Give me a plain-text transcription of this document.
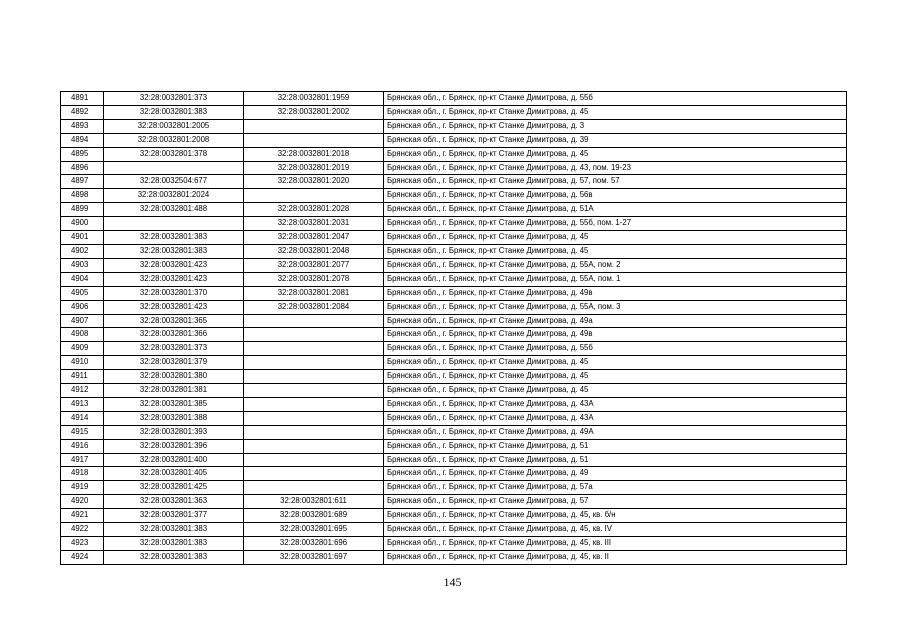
4891	32:28:0032801:373	32:28:0032801:1959	Брянская обл., г. Брянск, пр-кт Станке Димитрова, д. 55б
4892	32:28:0032801:383	32:28:0032801:2002	Брянская обл., г. Брянск, пр-кт Станке Димитрова, д. 45
4893	32:28:0032801:2005		Брянская обл., г. Брянск, пр-кт Станке Димитрова, д. 3
4894	32:28:0032801:2008		Брянская обл., г. Брянск, пр-кт Станке Димитрова, д. 39
4895	32:28:0032801:378	32:28:0032801:2018	Брянская обл., г. Брянск, пр-кт Станке Димитрова, д. 45
4896		32:28:0032801:2019	Брянская обл., г. Брянск, пр-кт Станке Димитрова, д. 43, пом. 19-23
4897	32:28:0032504:677	32:28:0032801:2020	Брянская обл., г. Брянск, пр-кт Станке Димитрова, д. 57, пом. 57
4898	32:28:0032801:2024		Брянская обл., г. Брянск, пр-кт Станке Димитрова, д. 56в
4899	32:28:0032801:488	32:28:0032801:2028	Брянская обл., г. Брянск, пр-кт Станке Димитрова, д. 51А
4900		32:28:0032801:2031	Брянская обл., г. Брянск, пр-кт Станке Димитрова, д. 55б, пом. 1-27
4901	32:28:0032801:383	32:28:0032801:2047	Брянская обл., г. Брянск, пр-кт Станке Димитрова, д. 45
4902	32:28:0032801:383	32:28:0032801:2048	Брянская обл., г. Брянск, пр-кт Станке Димитрова, д. 45
4903	32:28:0032801:423	32:28:0032801:2077	Брянская обл., г. Брянск, пр-кт Станке Димитрова, д. 55А, пом. 2
4904	32:28:0032801:423	32:28:0032801:2078	Брянская обл., г. Брянск, пр-кт Станке Димитрова, д. 55А, пом. 1
4905	32:28:0032801:370	32:28:0032801:2081	Брянская обл., г. Брянск, пр-кт Станке Димитрова, д. 49в
4906	32:28:0032801:423	32:28:0032801:2084	Брянская обл., г. Брянск, пр-кт Станке Димитрова, д. 55А, пом. 3
4907	32:28:0032801:365		Брянская обл., г. Брянск, пр-кт Станке Димитрова, д. 49а
4908	32:28:0032801:366		Брянская обл., г. Брянск, пр-кт Станке Димитрова, д. 49в
4909	32:28:0032801:373		Брянская обл., г. Брянск, пр-кт Станке Димитрова, д. 55б
4910	32:28:0032801:379		Брянская обл., г. Брянск, пр-кт Станке Димитрова, д. 45
4911	32:28:0032801:380		Брянская обл., г. Брянск, пр-кт Станке Димитрова, д. 45
4912	32:28:0032801:381		Брянская обл., г. Брянск, пр-кт Станке Димитрова, д. 45
4913	32:28:0032801:385		Брянская обл., г. Брянск, пр-кт Станке Димитрова, д. 43А
4914	32:28:0032801:388		Брянская обл., г. Брянск, пр-кт Станке Димитрова, д. 43А
4915	32:28:0032801:393		Брянская обл., г. Брянск, пр-кт Станке Димитрова, д. 49А
4916	32:28:0032801:396		Брянская обл., г. Брянск, пр-кт Станке Димитрова, д. 51
4917	32:28:0032801:400		Брянская обл., г. Брянск, пр-кт Станке Димитрова, д. 51
4918	32:28:0032801:405		Брянская обл., г. Брянск, пр-кт Станке Димитрова, д. 49
4919	32:28:0032801:425		Брянская обл., г. Брянск, пр-кт Станке Димитрова, д. 57а
4920	32:28:0032801:363	32:28:0032801:611	Брянская обл., г. Брянск, пр-кт Станке Димитрова, д. 57
4921	32:28:0032801:377	32:28:0032801:689	Брянская обл., г. Брянск, пр-кт Станке Димитрова, д. 45, кв. б/н
4922	32:28:0032801:383	32:28:0032801:695	Брянская обл., г. Брянск, пр-кт Станке Димитрова, д. 45, кв. IV
4923	32:28:0032801:383	32:28:0032801:696	Брянская обл., г. Брянск, пр-кт Станке Димитрова, д. 45, кв. III
4924	32:28:0032801:383	32:28:0032801:697	Брянская обл., г. Брянск, пр-кт Станке Димитрова, д. 45, кв. II
145
